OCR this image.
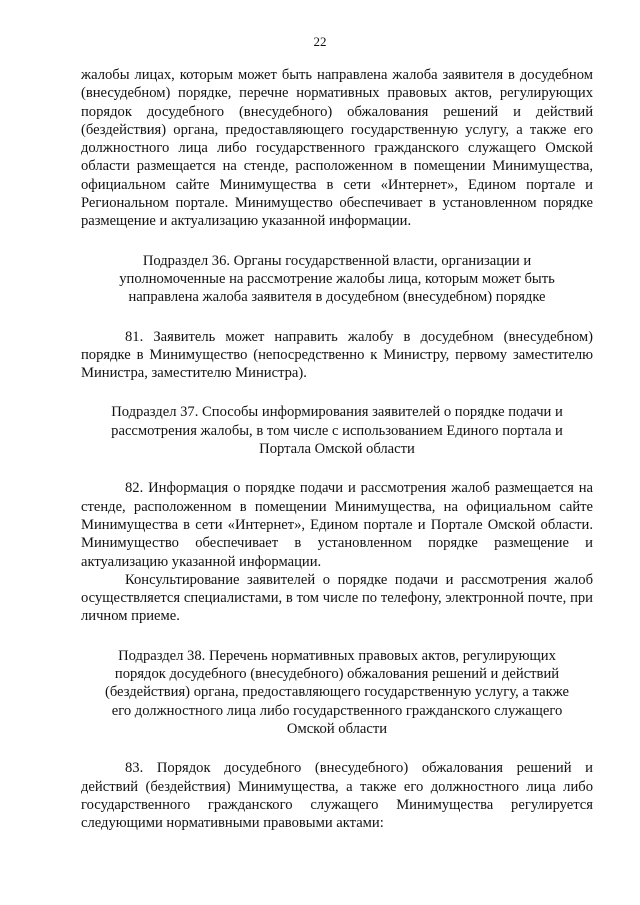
22

жалобы лицах, которым может быть направлена жалоба заявителя в досудебном (внесудебном) порядке, перечне нормативных правовых актов, регулирующих порядок досудебного (внесудебного) обжалования решений и действий (бездействия) органа, предоставляющего государственную услугу, а также его должностного лица либо государственного гражданского служащего Омской области размещается на стенде, расположенном в помещении Минимущества, официальном сайте Минимущества в сети «Интернет», Едином портале и Региональном портале. Минимущество обеспечивает в установленном порядке размещение и актуализацию указанной информации.

Подраздел 36. Органы государственной власти, организации и уполномоченные на рассмотрение жалобы лица, которым может быть направлена жалоба заявителя в досудебном (внесудебном) порядке

81. Заявитель может направить жалобу в досудебном (внесудебном) порядке в Минимущество (непосредственно к Министру, первому заместителю Министра, заместителю Министра).

Подраздел 37. Способы информирования заявителей о порядке подачи и рассмотрения жалобы, в том числе с использованием Единого портала и Портала Омской области

82. Информация о порядке подачи и рассмотрения жалоб размещается на стенде, расположенном в помещении Минимущества, на официальном сайте Минимущества в сети «Интернет», Едином портале и Портале Омской области. Минимущество обеспечивает в установленном порядке размещение и актуализацию указанной информации.

Консультирование заявителей о порядке подачи и рассмотрения жалоб осуществляется специалистами, в том числе по телефону, электронной почте, при личном приеме.

Подраздел 38. Перечень нормативных правовых актов, регулирующих порядок досудебного (внесудебного) обжалования решений и действий (бездействия) органа, предоставляющего государственную услугу, а также его должностного лица либо государственного гражданского служащего Омской области

83. Порядок досудебного (внесудебного) обжалования решений и действий (бездействия) Минимущества, а также его должностного лица либо государственного гражданского служащего Минимущества регулируется следующими нормативными правовыми актами:
